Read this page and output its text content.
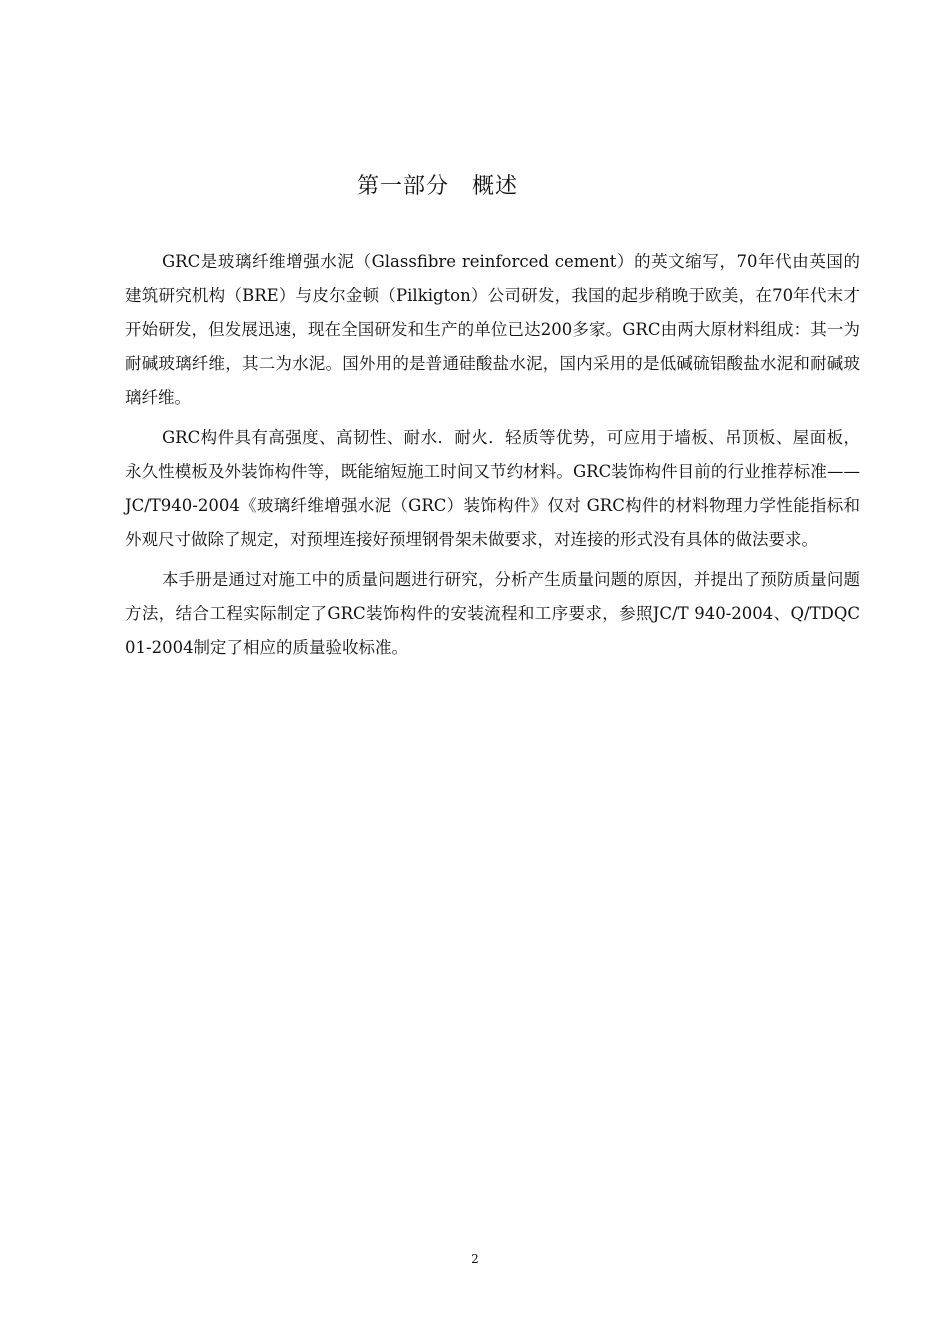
第一部分　概述

GRC是玻璃纤维增强水泥（Glassfibre reinforced cement）的英文缩写，70年代由英国的建筑研究机构（BRE）与皮尔金顿（Pilkigton）公司研发，我国的起步稍晚于欧美，在70年代末才开始研发，但发展迅速，现在全国研发和生产的单位已达200多家。GRC由两大原材料组成：其一为耐碱玻璃纤维，其二为水泥。国外用的是普通硅酸盐水泥，国内采用的是低碱硫铝酸盐水泥和耐碱玻璃纤维。

GRC构件具有高强度、高韧性、耐水．耐火．轻质等优势，可应用于墙板、吊顶板、屋面板，永久性模板及外装饰构件等，既能缩短施工时间又节约材料。GRC装饰构件目前的行业推荐标准——JC/T940-2004《玻璃纤维增强水泥（GRC）装饰构件》仅对 GRC构件的材料物理力学性能指标和外观尺寸做除了规定，对预埋连接好预埋钢骨架未做要求，对连接的形式没有具体的做法要求。

本手册是通过对施工中的质量问题进行研究，分析产生质量问题的原因，并提出了预防质量问题方法，结合工程实际制定了GRC装饰构件的安装流程和工序要求，参照JC/T 940-2004、Q/TDQC 01-2004制定了相应的质量验收标准。

2
